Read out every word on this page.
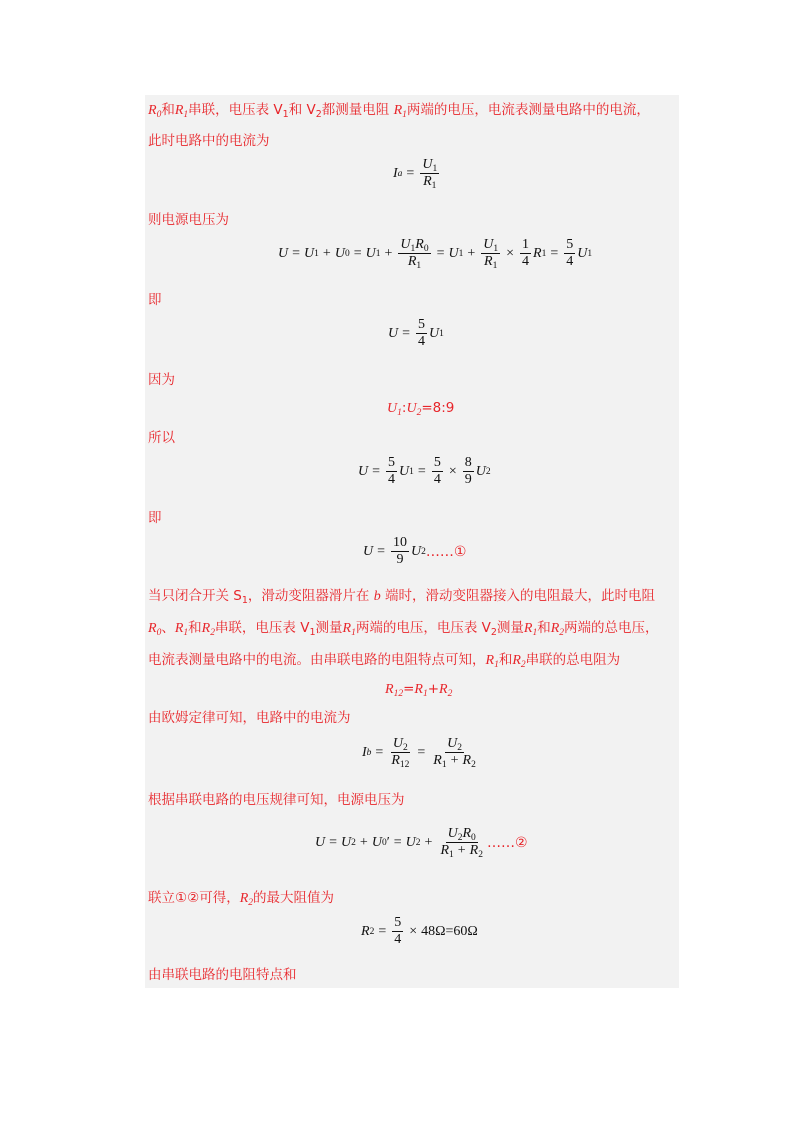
$R_0$和$R_1$串联，电压表 $V_1$和 $V_2$都测量电阻 $R_1$两端的电压，电流表测量电路中的电流，
此时电路中的电流为
I $a = \frac{U_1}{R_1}$
则电源电压为
U = U 1 + U 0 = U $1 + \frac{U_1R_0}{R_1} = U$ $1 + \frac{U_1}{R_1} \times \frac{1}{4}$ R $1 = \frac{5}{4}$ U 1
即
$U = \frac{5}{4}$ U 1
因为
$U_1:U_2=8:9$
所以
$U = \frac{5}{4}$ U $1 = \frac{5}{4} \times \frac{8}{9}$ U 2
即
$U = \frac{10}{9}$ U 2 ……①
当只闭合开关 $S_1$，滑动变阻器滑片在 b 端时，滑动变阻器接入的电阻最大，此时电阻
$R_0$、$R_1$和$R_2$串联，电压表 $V_1$测量$R_1$两端的电压，电压表 $V_2$测量$R_1$和$R_2$两端的总电压，
电流表测量电路中的电流。由串联电路的电阻特点可知，$R_1$和$R_2$串联的总电阻为
$R_{12}=R_1+R_2$
由欧姆定律可知，电路中的电流为
I $b = \frac{U_2}{R_{12}} = \frac{U_2}{R_1 + R_2}$
根据串联电路的电压规律可知，电源电压为
U = U 2 + U 0 ′ = U $2 + \frac{U_2R_0}{R_1 + R_2}$ ……②
联立①②可得，$R_2$的最大阻值为
R $2 = \frac{5}{4} \times 48\Omega=60\Omega$
由串联电路的电阻特点和
